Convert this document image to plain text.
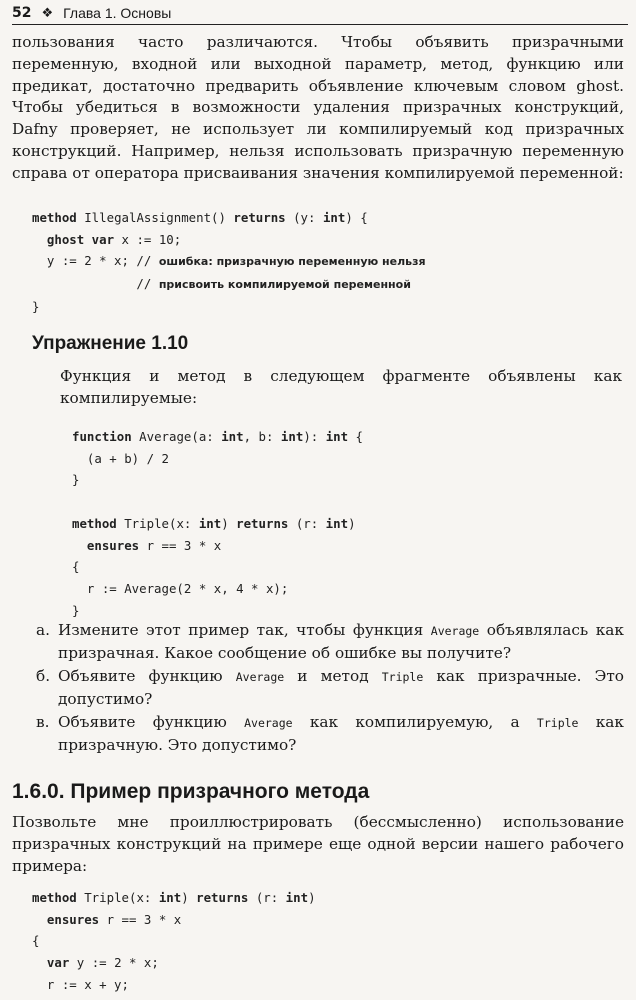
52 ❖ Глава 1. Основы
пользования часто различаются. Чтобы объявить призрачными переменную, входной или выходной параметр, метод, функцию или предикат, достаточно предварить объявление ключевым словом ghost. Чтобы убедиться в возможности удаления призрачных конструкций, Dafny проверяет, не использует ли компилируемый код призрачных конструкций. Например, нельзя использовать призрачную переменную справа от оператора присваивания значения компилируемой переменной:
method IllegalAssignment() returns (y: int) {
ghost var x := 10;
y := 2 * x; // ошибка: призрачную переменную нельзя
// присвоить компилируемой переменной
}
Упражнение 1.10
Функция и метод в следующем фрагменте объявлены как компилируемые:
function Average(a: int, b: int): int {
(a + b) / 2
}

method Triple(x: int) returns (r: int)
ensures r == 3 * x
{
r := Average(2 * x, 4 * x);
}
а. Измените этот пример так, чтобы функция Average объявлялась как призрачная. Какое сообщение об ошибке вы получите?
б. Объявите функцию Average и метод Triple как призрачные. Это допустимо?
в. Объявите функцию Average как компилируемую, а Triple как призрачную. Это допустимо?
1.6.0. Пример призрачного метода
Позвольте мне проиллюстрировать (бессмысленно) использование призрачных конструкций на примере еще одной версии нашего рабочего примера:
method Triple(x: int) returns (r: int)
ensures r == 3 * x
{
var y := 2 * x;
r := x + y;
